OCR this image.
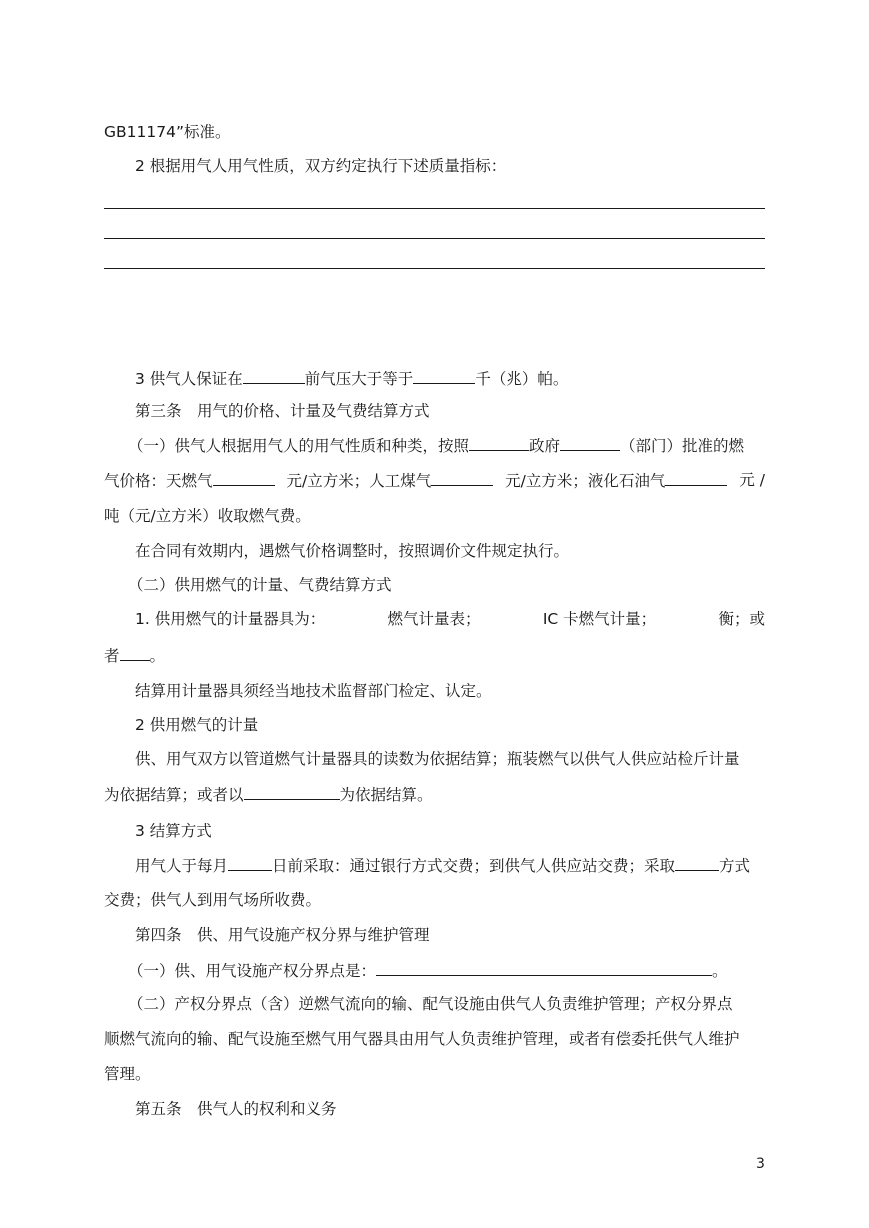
GB11174”标准。
2 根据用气人用气性质，双方约定执行下述质量指标：
3 供气人保证在	前气压大于等于	千（兆）帕。
第三条　用气的价格、计量及气费结算方式
（一）供气人根据用气人的用气性质和种类，按照	政府	（部门）批准的燃
气价格：天燃气	元/立方米；人工煤气	元/立方米；液化石油气	元 /
吨（元/立方米）收取燃气费。
在合同有效期内，遇燃气价格调整时，按照调价文件规定执行。
（二）供用燃气的计量、气费结算方式
1. 供用燃气的计量器具为：	燃气计量表；	IC 卡燃气计量；	衡；或
者 。
结算用计量器具须经当地技术监督部门检定、认定。
2 供用燃气的计量
供、用气双方以管道燃气计量器具的读数为依据结算；瓶装燃气以供气人供应站检斤计量
为依据结算；或者以	为依据结算。
3 结算方式
用气人于每月	日前采取：通过银行方式交费；到供气人供应站交费；采取	方式
交费；供气人到用气场所收费。
第四条　供、用气设施产权分界与维护管理
（一）供、用气设施产权分界点是：	。
（二）产权分界点（含）逆燃气流向的输、配气设施由供气人负责维护管理；产权分界点
顺燃气流向的输、配气设施至燃气用气器具由用气人负责维护管理，或者有偿委托供气人维护
管理。
第五条　供气人的权利和义务
3
